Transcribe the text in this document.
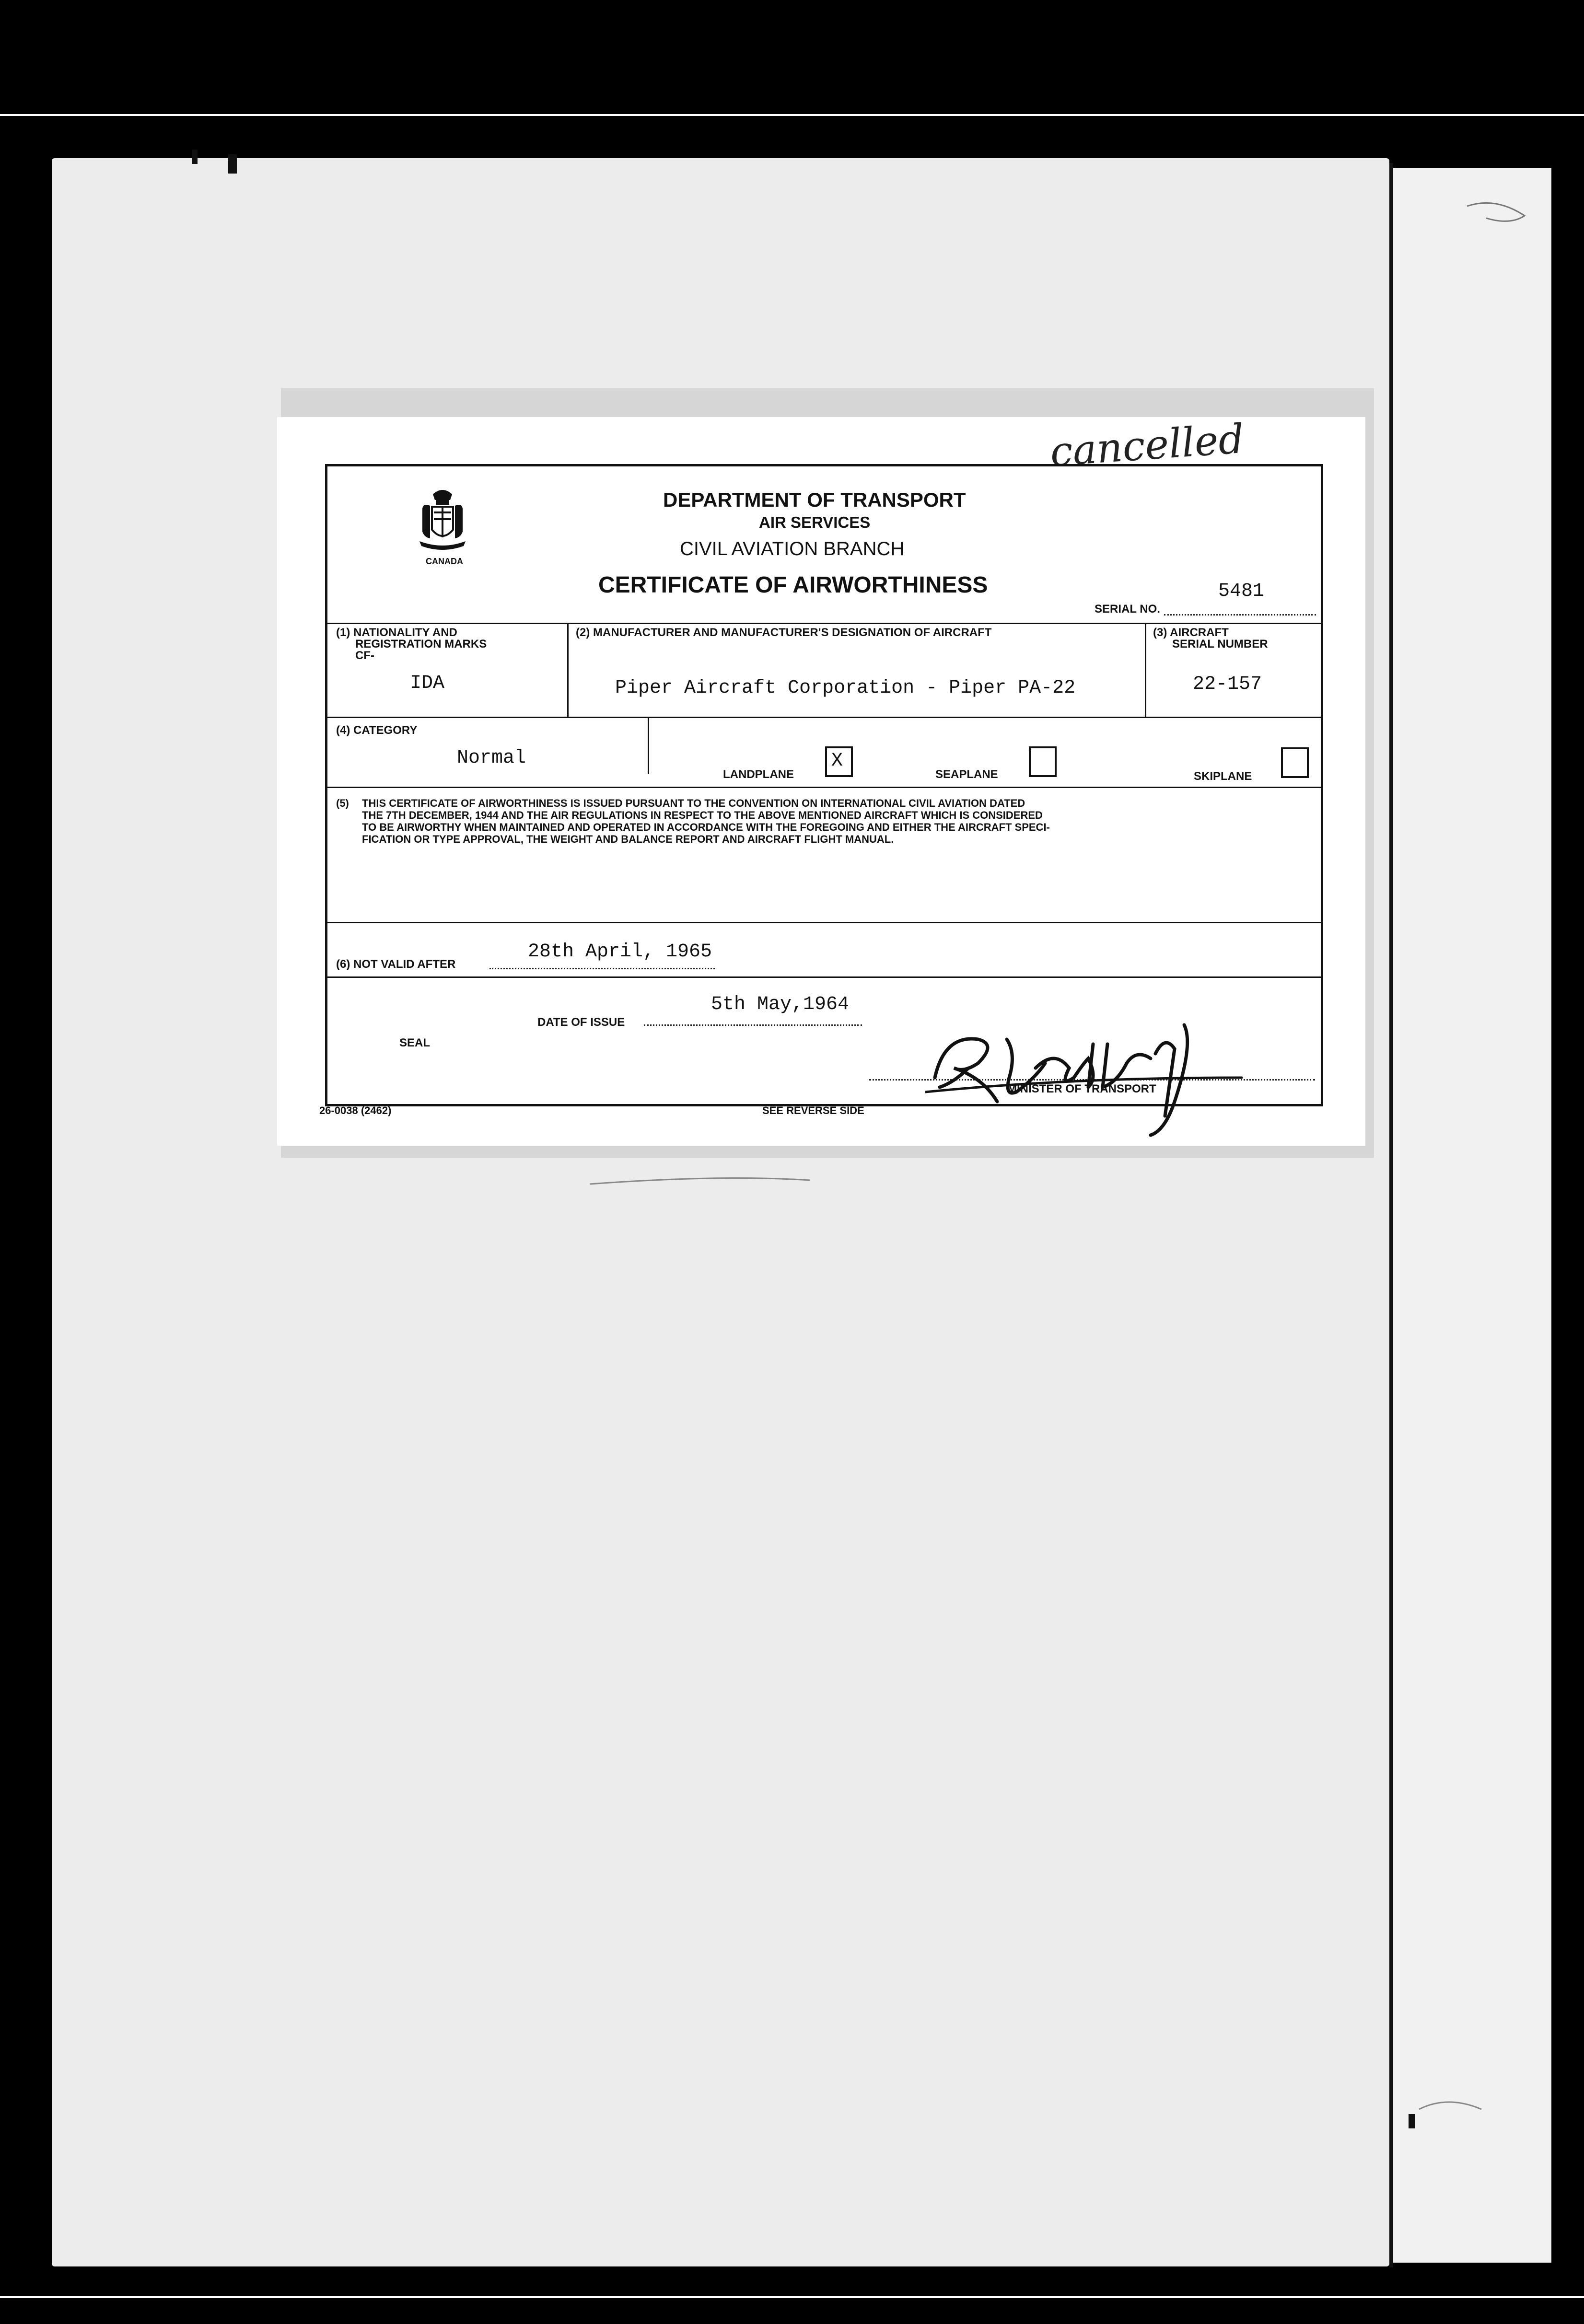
cancelled
CANADA
DEPARTMENT OF TRANSPORT
AIR SERVICES
CIVIL AVIATION BRANCH
CERTIFICATE OF AIRWORTHINESS
SERIAL NO.
5481
(1) NATIONALITY AND
REGISTRATION MARKS
CF-
IDA
(2) MANUFACTURER AND MANUFACTURER'S DESIGNATION OF AIRCRAFT
Piper Aircraft Corporation - Piper PA-22
(3) AIRCRAFT
SERIAL NUMBER
22-157
(4) CATEGORY
Normal
LANDPLANE
X
SEAPLANE	SKIPLANE
(5) THIS CERTIFICATE OF AIRWORTHINESS IS ISSUED PURSUANT TO THE CONVENTION ON INTERNATIONAL CIVIL AVIATION DATED
THE 7TH DECEMBER, 1944 AND THE AIR REGULATIONS IN RESPECT TO THE ABOVE MENTIONED AIRCRAFT WHICH IS CONSIDERED
TO BE AIRWORTHY WHEN MAINTAINED AND OPERATED IN ACCORDANCE WITH THE FOREGOING AND EITHER THE AIRCRAFT SPECI-
FICATION OR TYPE APPROVAL, THE WEIGHT AND BALANCE REPORT AND AIRCRAFT FLIGHT MANUAL.
(6) NOT VALID AFTER
28th April, 1965
DATE OF ISSUE
5th May,1964
SEAL
MINISTER OF TRANSPORT
26-0038 (2462)	SEE REVERSE SIDE
